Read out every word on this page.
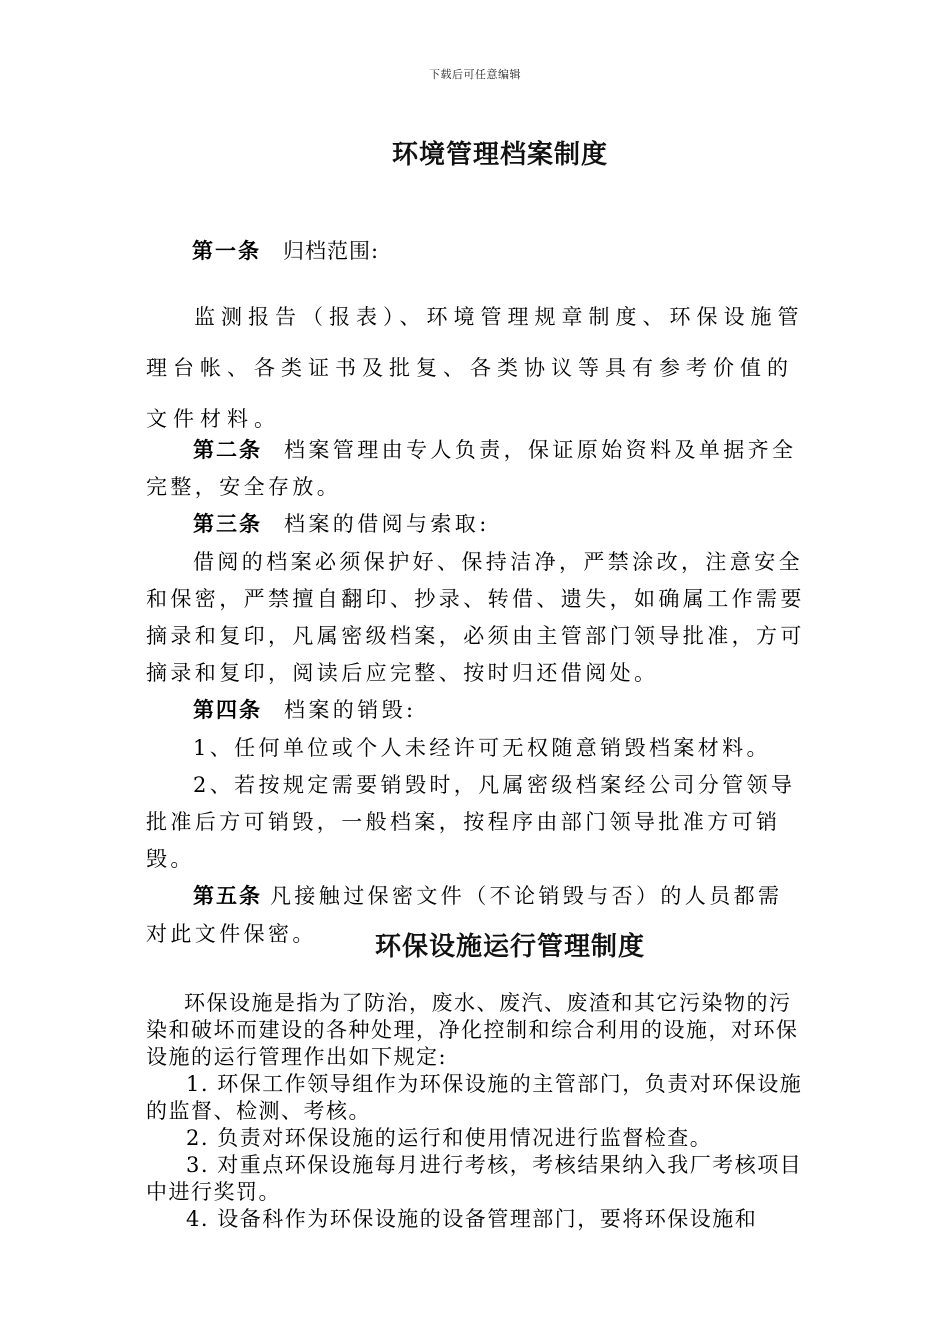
下载后可任意编辑
环境管理档案制度
第一条 归档范围:
监测报告（报表）、环境管理规章制度、环保设施管理台帐、各类证书及批复、各类协议等具有参考价值的文件材料。

第二条 档案管理由专人负责，保证原始资料及单据齐全完整，安全存放。

第三条 档案的借阅与索取:

借阅的档案必须保护好、保持洁净，严禁涂改，注意安全和保密，严禁擅自翻印、抄录、转借、遗失，如确属工作需要摘录和复印，凡属密级档案，必须由主管部门领导批准，方可摘录和复印，阅读后应完整、按时归还借阅处。

第四条 档案的销毁:

1、任何单位或个人未经许可无权随意销毁档案材料。

2、若按规定需要销毁时，凡属密级档案经公司分管领导批准后方可销毁，一般档案，按程序由部门领导批准方可销毁。

第五条 凡接触过保密文件（不论销毁与否）的人员都需对此文件保密。	环保设施运行管理制度

环保设施是指为了防治，废水、废汽、废渣和其它污染物的污染和破坏而建设的各种处理，净化控制和综合利用的设施，对环保设施的运行管理作出如下规定:

1. 环保工作领导组作为环保设施的主管部门，负责对环保设施的监督、检测、考核。

2. 负责对环保设施的运行和使用情况进行监督检查。

3. 对重点环保设施每月进行考核，考核结果纳入我厂考核项目中进行奖罚。

4. 设备科作为环保设施的设备管理部门，要将环保设施和
